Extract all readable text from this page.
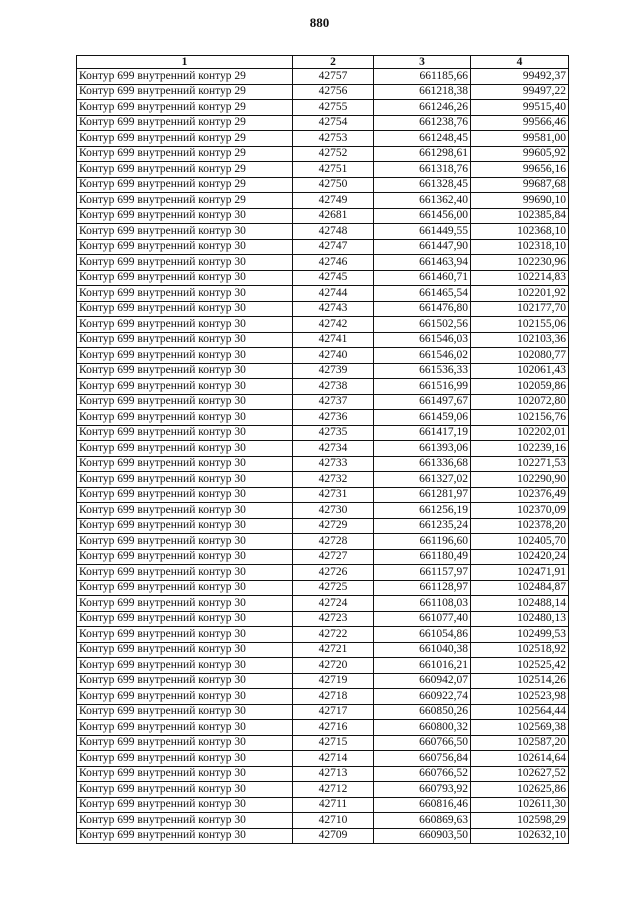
880
1	2	3	4
Контур 699 внутренний контур 29	42757	661185,66	99492,37
Контур 699 внутренний контур 29	42756	661218,38	99497,22
Контур 699 внутренний контур 29	42755	661246,26	99515,40
Контур 699 внутренний контур 29	42754	661238,76	99566,46
Контур 699 внутренний контур 29	42753	661248,45	99581,00
Контур 699 внутренний контур 29	42752	661298,61	99605,92
Контур 699 внутренний контур 29	42751	661318,76	99656,16
Контур 699 внутренний контур 29	42750	661328,45	99687,68
Контур 699 внутренний контур 29	42749	661362,40	99690,10
Контур 699 внутренний контур 30	42681	661456,00	102385,84
Контур 699 внутренний контур 30	42748	661449,55	102368,10
Контур 699 внутренний контур 30	42747	661447,90	102318,10
Контур 699 внутренний контур 30	42746	661463,94	102230,96
Контур 699 внутренний контур 30	42745	661460,71	102214,83
Контур 699 внутренний контур 30	42744	661465,54	102201,92
Контур 699 внутренний контур 30	42743	661476,80	102177,70
Контур 699 внутренний контур 30	42742	661502,56	102155,06
Контур 699 внутренний контур 30	42741	661546,03	102103,36
Контур 699 внутренний контур 30	42740	661546,02	102080,77
Контур 699 внутренний контур 30	42739	661536,33	102061,43
Контур 699 внутренний контур 30	42738	661516,99	102059,86
Контур 699 внутренний контур 30	42737	661497,67	102072,80
Контур 699 внутренний контур 30	42736	661459,06	102156,76
Контур 699 внутренний контур 30	42735	661417,19	102202,01
Контур 699 внутренний контур 30	42734	661393,06	102239,16
Контур 699 внутренний контур 30	42733	661336,68	102271,53
Контур 699 внутренний контур 30	42732	661327,02	102290,90
Контур 699 внутренний контур 30	42731	661281,97	102376,49
Контур 699 внутренний контур 30	42730	661256,19	102370,09
Контур 699 внутренний контур 30	42729	661235,24	102378,20
Контур 699 внутренний контур 30	42728	661196,60	102405,70
Контур 699 внутренний контур 30	42727	661180,49	102420,24
Контур 699 внутренний контур 30	42726	661157,97	102471,91
Контур 699 внутренний контур 30	42725	661128,97	102484,87
Контур 699 внутренний контур 30	42724	661108,03	102488,14
Контур 699 внутренний контур 30	42723	661077,40	102480,13
Контур 699 внутренний контур 30	42722	661054,86	102499,53
Контур 699 внутренний контур 30	42721	661040,38	102518,92
Контур 699 внутренний контур 30	42720	661016,21	102525,42
Контур 699 внутренний контур 30	42719	660942,07	102514,26
Контур 699 внутренний контур 30	42718	660922,74	102523,98
Контур 699 внутренний контур 30	42717	660850,26	102564,44
Контур 699 внутренний контур 30	42716	660800,32	102569,38
Контур 699 внутренний контур 30	42715	660766,50	102587,20
Контур 699 внутренний контур 30	42714	660756,84	102614,64
Контур 699 внутренний контур 30	42713	660766,52	102627,52
Контур 699 внутренний контур 30	42712	660793,92	102625,86
Контур 699 внутренний контур 30	42711	660816,46	102611,30
Контур 699 внутренний контур 30	42710	660869,63	102598,29
Контур 699 внутренний контур 30	42709	660903,50	102632,10
